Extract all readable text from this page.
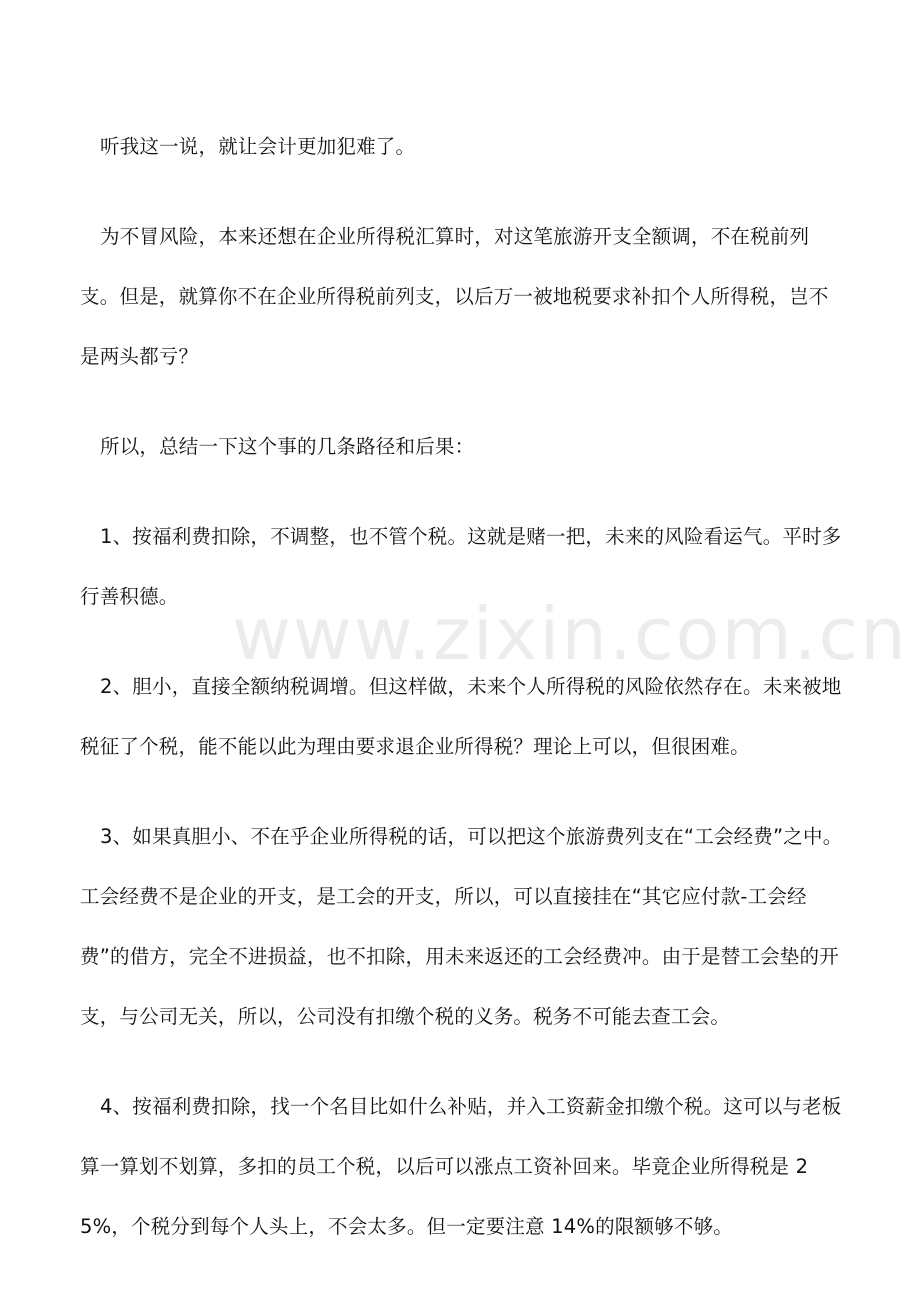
www.zixin.com.cn

听我这一说，就让会计更加犯难了。

为不冒风险，本来还想在企业所得税汇算时，对这笔旅游开支全额调，不在税前列支。但是，就算你不在企业所得税前列支，以后万一被地税要求补扣个人所得税，岂不是两头都亏？

所以，总结一下这个事的几条路径和后果：

1、按福利费扣除，不调整，也不管个税。这就是赌一把，未来的风险看运气。平时多行善积德。

2、胆小，直接全额纳税调增。但这样做，未来个人所得税的风险依然存在。未来被地税征了个税，能不能以此为理由要求退企业所得税？理论上可以，但很困难。

3、如果真胆小、不在乎企业所得税的话，可以把这个旅游费列支在“工会经费”之中。工会经费不是企业的开支，是工会的开支，所以，可以直接挂在“其它应付款-工会经费”的借方，完全不进损益，也不扣除，用未来返还的工会经费冲。由于是替工会垫的开支，与公司无关，所以，公司没有扣缴个税的义务。税务不可能去查工会。

4、按福利费扣除，找一个名目比如什么补贴，并入工资薪金扣缴个税。这可以与老板算一算划不划算，多扣的员工个税，以后可以涨点工资补回来。毕竟企业所得税是 25%，个税分到每个人头上，不会太多。但一定要注意 14%的限额够不够。
